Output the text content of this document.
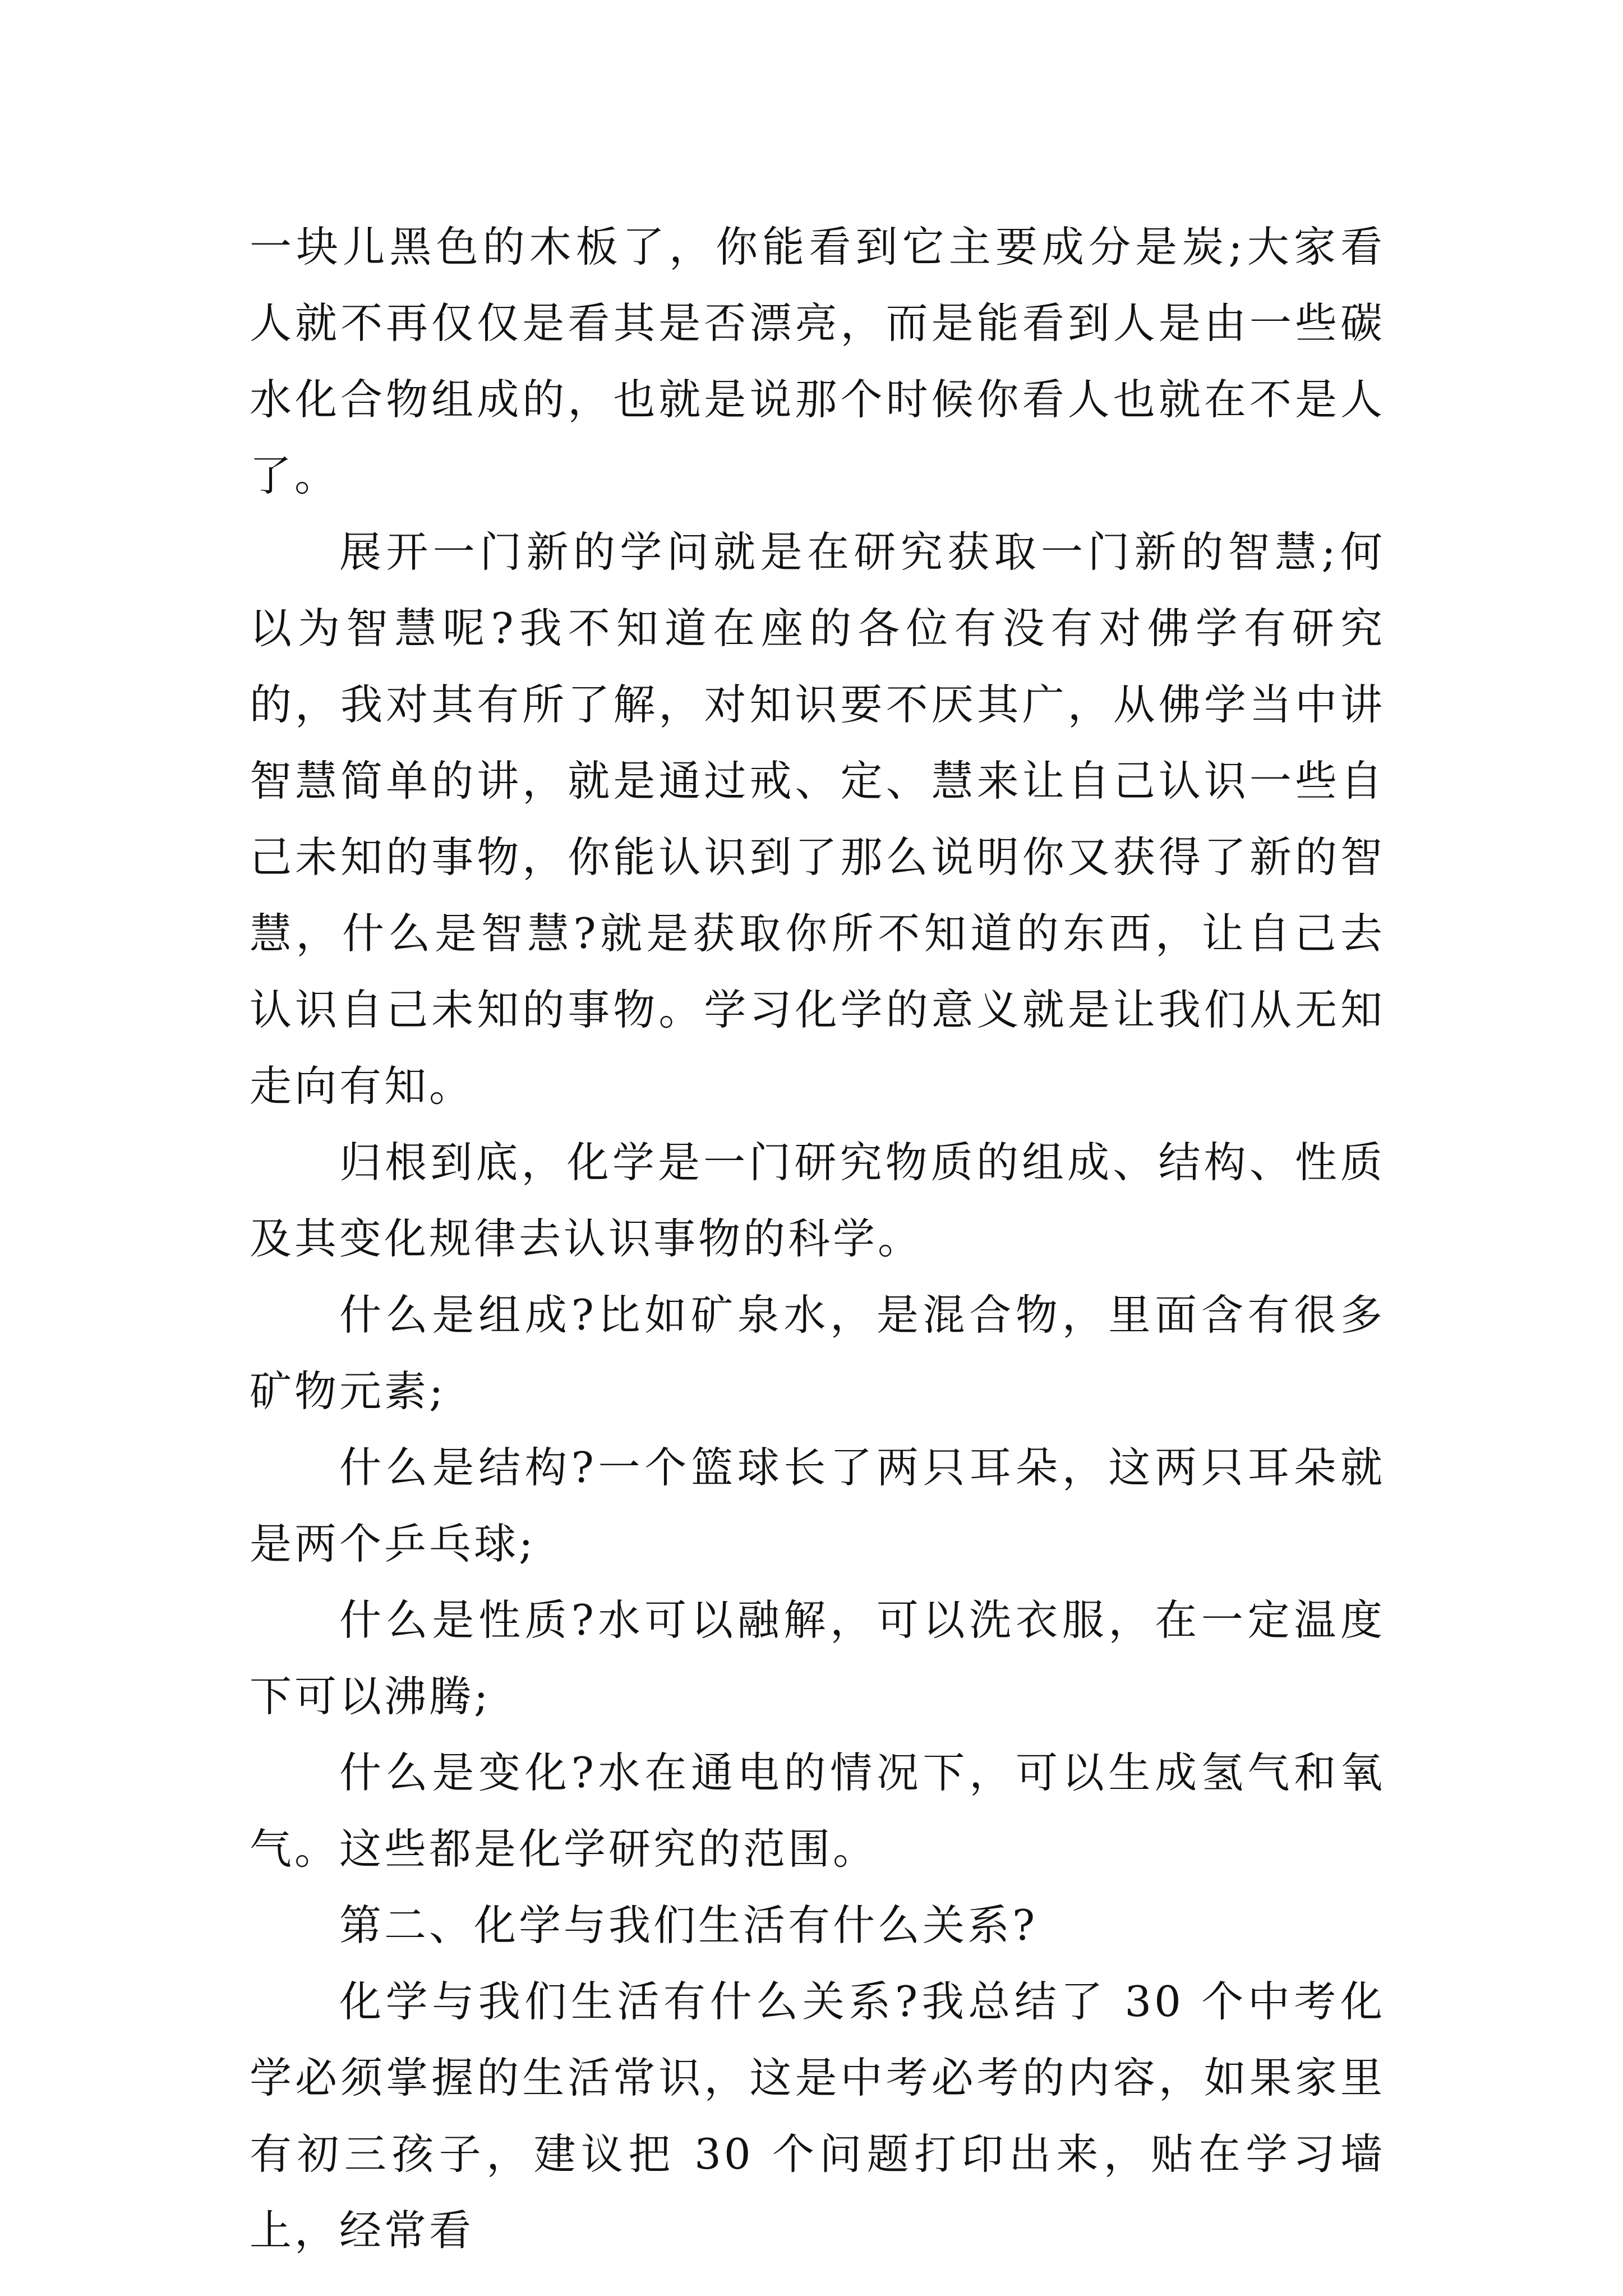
一块儿黑色的木板了，你能看到它主要成分是炭;大家看人就不再仅仅是看其是否漂亮，而是能看到人是由一些碳水化合物组成的，也就是说那个时候你看人也就在不是人了。

展开一门新的学问就是在研究获取一门新的智慧;何以为智慧呢?我不知道在座的各位有没有对佛学有研究的，我对其有所了解，对知识要不厌其广，从佛学当中讲智慧简单的讲，就是通过戒、定、慧来让自己认识一些自己未知的事物，你能认识到了那么说明你又获得了新的智慧，什么是智慧?就是获取你所不知道的东西，让自己去认识自己未知的事物。学习化学的意义就是让我们从无知走向有知。

归根到底，化学是一门研究物质的组成、结构、性质及其变化规律去认识事物的科学。

什么是组成?比如矿泉水，是混合物，里面含有很多矿物元素;

什么是结构?一个篮球长了两只耳朵，这两只耳朵就是两个乒乓球;

什么是性质?水可以融解，可以洗衣服，在一定温度下可以沸腾;

什么是变化?水在通电的情况下，可以生成氢气和氧气。这些都是化学研究的范围。

第二、化学与我们生活有什么关系?

化学与我们生活有什么关系?我总结了 30 个中考化学必须掌握的生活常识，这是中考必考的内容，如果家里有初三孩子，建议把 30 个问题打印出来，贴在学习墙上，经常看
